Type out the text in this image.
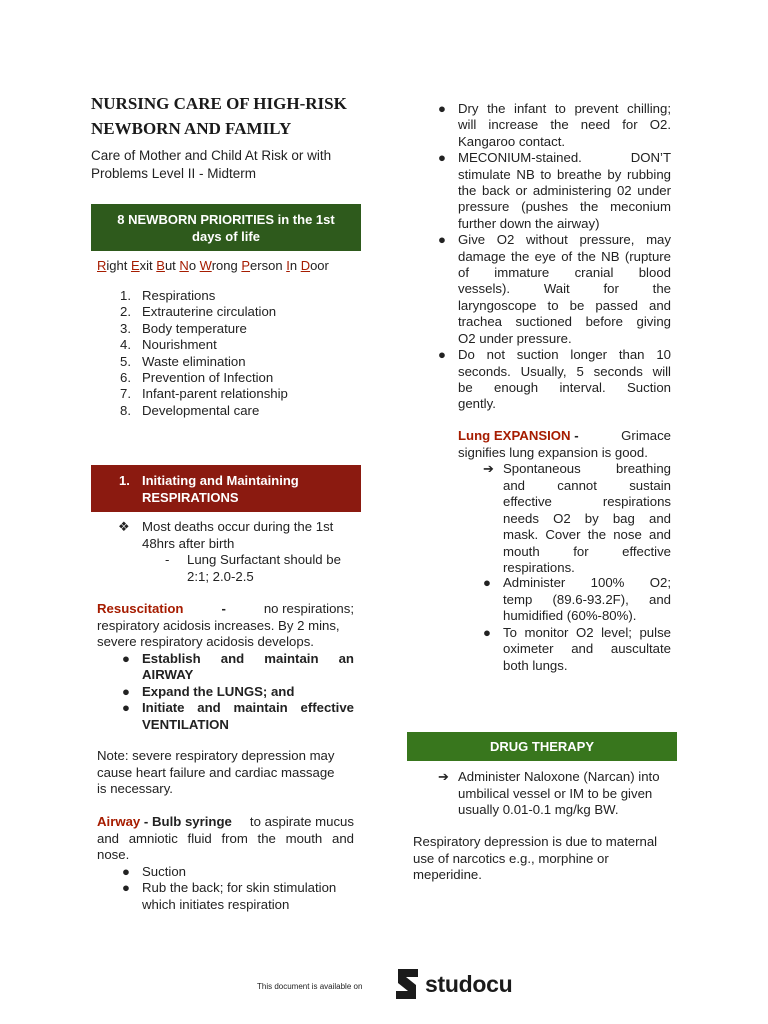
NURSING CARE OF HIGH-RISK
NEWBORN AND FAMILY
Care of Mother and Child At Risk or with
Problems Level II - Midterm
8 NEWBORN PRIORITIES in the 1st
days of life
Right Exit But No Wrong Person In Door
1. Respirations
2. Extrauterine circulation
3. Body temperature
4. Nourishment
5. Waste elimination
6. Prevention of Infection
7. Infant-parent relationship
8. Developmental care
1. Initiating and Maintaining
RESPIRATIONS
❖ Most deaths occur during the 1st
48hrs after birth
- Lung Surfactant should be
2:1; 2.0-2.5
Resuscitation	-	no respirations;
respiratory acidosis increases. By 2 mins,
severe respiratory acidosis develops.
● Establish and maintain an
AIRWAY
● Expand the LUNGS; and
● Initiate and maintain effective
VENTILATION
Note: severe respiratory depression may
cause heart failure and cardiac massage
is necessary.
Airway - Bulb syringe to aspirate mucus
and amniotic fluid from the mouth and
nose.
● Suction
● Rub the back; for skin stimulation
which initiates respiration
● Dry the infant to prevent chilling;
will increase the need for O2.
Kangaroo contact.
● MECONIUM-stained. DON’T
stimulate NB to breathe by rubbing
the back or administering 02 under
pressure (pushes the meconium
further down the airway)
● Give O2 without pressure, may
damage the eye of the NB (rupture
of immature cranial blood
vessels). Wait for the
laryngoscope to be passed and
trachea suctioned before giving
O2 under pressure.
● Do not suction longer than 10
seconds. Usually, 5 seconds will
be enough interval. Suction
gently.
Lung EXPANSION -	Grimace
signifies lung expansion is good.
➔ Spontaneous breathing
and cannot sustain
effective respirations
needs O2 by bag and
mask. Cover the nose and
mouth for effective
respirations.
● Administer 100% O2;
temp (89.6-93.2F), and
humidified (60%-80%).
● To monitor O2 level; pulse
oximeter and auscultate
both lungs.
DRUG THERAPY
➔ Administer Naloxone (Narcan) into
umbilical vessel or IM to be given
usually 0.01-0.1 mg/kg BW.
Respiratory depression is due to maternal
use of narcotics e.g., morphine or
meperidine.
This document is available on	studocu
